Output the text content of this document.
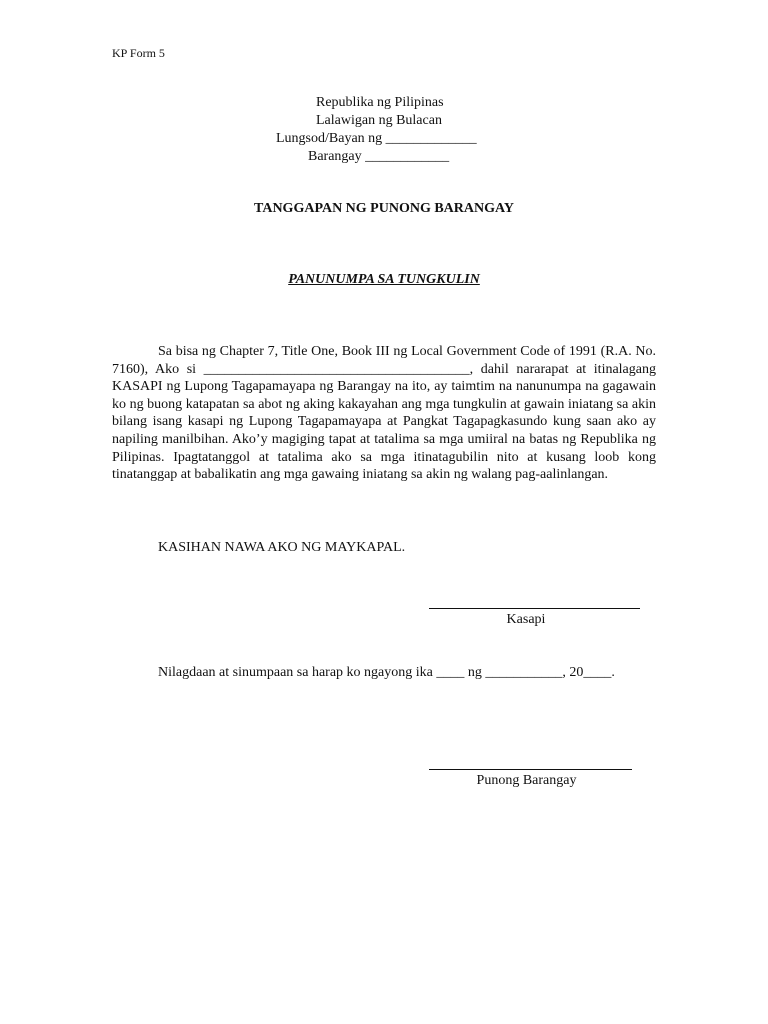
KP Form 5
Republika ng Pilipinas
Lalawigan ng Bulacan
Lungsod/Bayan ng _____________
Barangay ____________
TANGGAPAN NG PUNONG BARANGAY
PANUNUMPA SA TUNGKULIN

Sa bisa ng Chapter 7, Title One, Book III ng Local Government Code of 1991 (R.A. No. 7160), Ako si ______________________________________, dahil nararapat at itinalagang KASAPI ng Lupong Tagapamayapa ng Barangay na ito, ay taimtim na nanunumpa na gagawain ko ng buong katapatan sa abot ng aking kakayahan ang mga tungkulin at gawain iniatang sa akin bilang isang kasapi ng Lupong Tagapamayapa at Pangkat Tagapagkasundo kung saan ako ay napiling manilbihan. Ako’y magiging tapat at tatalima sa mga umiiral na batas ng Republika ng Pilipinas. Ipagtatanggol at tatalima ako sa mga itinatagubilin nito at kusang loob kong tinatanggap at babalikatin ang mga gawaing iniatang sa akin ng walang pag-aalinlangan.

KASIHAN NAWA AKO NG MAYKAPAL.
Kasapi
Nilagdaan at sinumpaan sa harap ko ngayong ika ____ ng ___________, 20____.
Punong Barangay
